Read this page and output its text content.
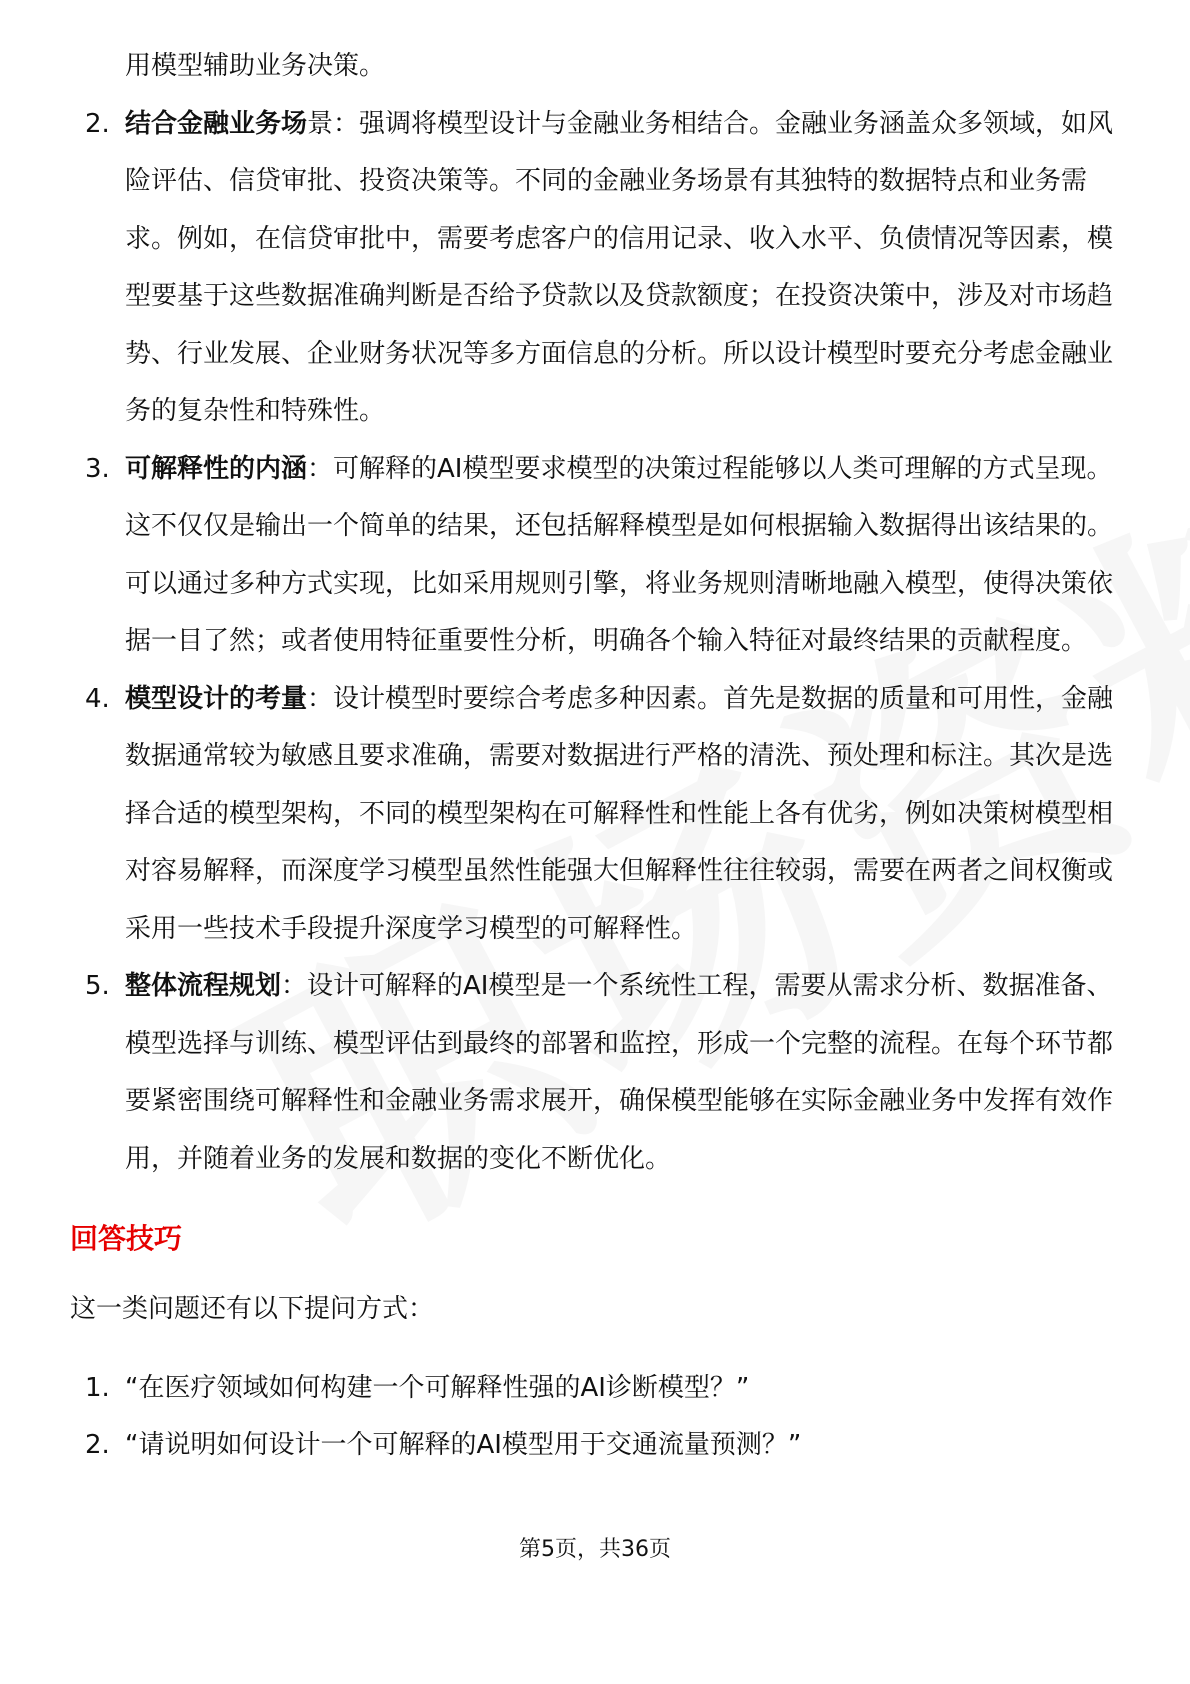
用模型辅助业务决策。

2. 结合金融业务场景：强调将模型设计与金融业务相结合。金融业务涵盖众多领域，如风险评估、信贷审批、投资决策等。不同的金融业务场景有其独特的数据特点和业务需求。例如，在信贷审批中，需要考虑客户的信用记录、收入水平、负债情况等因素，模型要基于这些数据准确判断是否给予贷款以及贷款额度；在投资决策中，涉及对市场趋势、行业发展、企业财务状况等多方面信息的分析。所以设计模型时要充分考虑金融业务的复杂性和特殊性。
3. 可解释性的内涵：可解释的AI模型要求模型的决策过程能够以人类可理解的方式呈现。这不仅仅是输出一个简单的结果，还包括解释模型是如何根据输入数据得出该结果的。可以通过多种方式实现，比如采用规则引擎，将业务规则清晰地融入模型，使得决策依据一目了然；或者使用特征重要性分析，明确各个输入特征对最终结果的贡献程度。
4. 模型设计的考量：设计模型时要综合考虑多种因素。首先是数据的质量和可用性，金融数据通常较为敏感且要求准确，需要对数据进行严格的清洗、预处理和标注。其次是选择合适的模型架构，不同的模型架构在可解释性和性能上各有优劣，例如决策树模型相对容易解释，而深度学习模型虽然性能强大但解释性往往较弱，需要在两者之间权衡或采用一些技术手段提升深度学习模型的可解释性。
5. 整体流程规划：设计可解释的AI模型是一个系统性工程，需要从需求分析、数据准备、模型选择与训练、模型评估到最终的部署和监控，形成一个完整的流程。在每个环节都要紧密围绕可解释性和金融业务需求展开，确保模型能够在实际金融业务中发挥有效作用，并随着业务的发展和数据的变化不断优化。
回答技巧
这一类问题还有以下提问方式：
1. “在医疗领域如何构建一个可解释性强的AI诊断模型？”
2. “请说明如何设计一个可解释的AI模型用于交通流量预测？”
第5页，共36页
